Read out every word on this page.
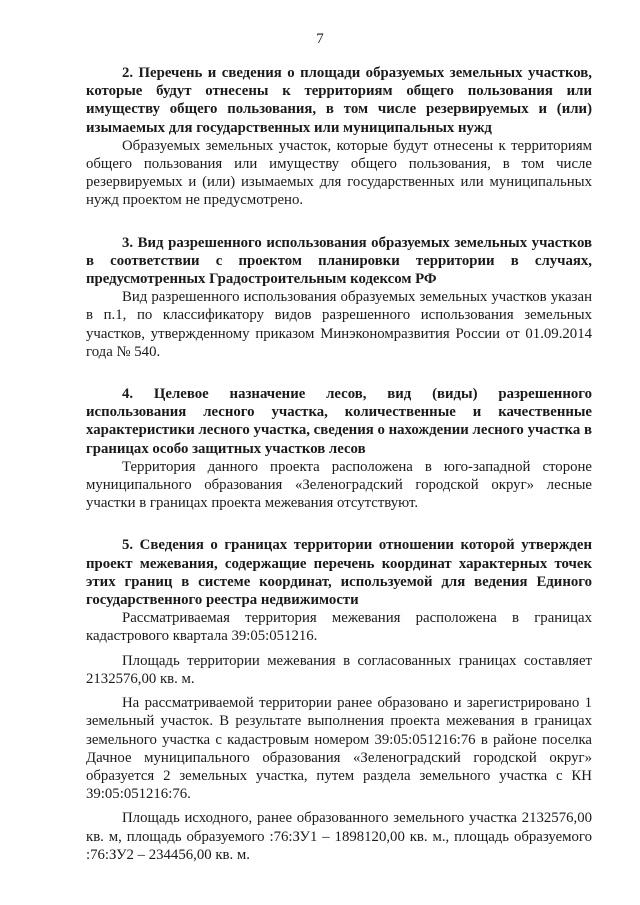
7

2. Перечень и сведения о площади образуемых земельных участков, которые будут отнесены к территориям общего пользования или имуществу общего пользования, в том числе резервируемых и (или) изымаемых для государственных или муниципальных нужд

Образуемых земельных участок, которые будут отнесены к территориям общего пользования или имуществу общего пользования, в том числе резервируемых и (или) изымаемых для государственных или муниципальных нужд проектом не предусмотрено.

3. Вид разрешенного использования образуемых земельных участков в соответствии с проектом планировки территории в случаях, предусмотренных Градостроительным кодексом РФ

Вид разрешенного использования образуемых земельных участков указан в п.1, по классификатору видов разрешенного использования земельных участков, утвержденному приказом Минэкономразвития России от 01.09.2014 года № 540.

4. Целевое назначение лесов, вид (виды) разрешенного использования лесного участка, количественные и качественные характеристики лесного участка, сведения о нахождении лесного участка в границах особо защитных участков лесов

Территория данного проекта расположена в юго-западной стороне муниципального образования «Зеленоградский городской округ» лесные участки в границах проекта межевания отсутствуют.

5. Сведения о границах территории отношении которой утвержден проект межевания, содержащие перечень координат характерных точек этих границ в системе координат, используемой для ведения Единого государственного реестра недвижимости

Рассматриваемая территория межевания расположена в границах кадастрового квартала 39:05:051216.

Площадь территории межевания в согласованных границах составляет 2132576,00 кв. м.

На рассматриваемой территории ранее образовано и зарегистрировано 1 земельный участок. В результате выполнения проекта межевания в границах земельного участка с кадастровым номером 39:05:051216:76 в районе поселка Дачное муниципального образования «Зеленоградский городской округ» образуется 2 земельных участка, путем раздела земельного участка с КН 39:05:051216:76.

Площадь исходного, ранее образованного земельного участка 2132576,00 кв. м, площадь образуемого :76:ЗУ1 – 1898120,00 кв. м., площадь образуемого :76:ЗУ2 – 234456,00 кв. м.
